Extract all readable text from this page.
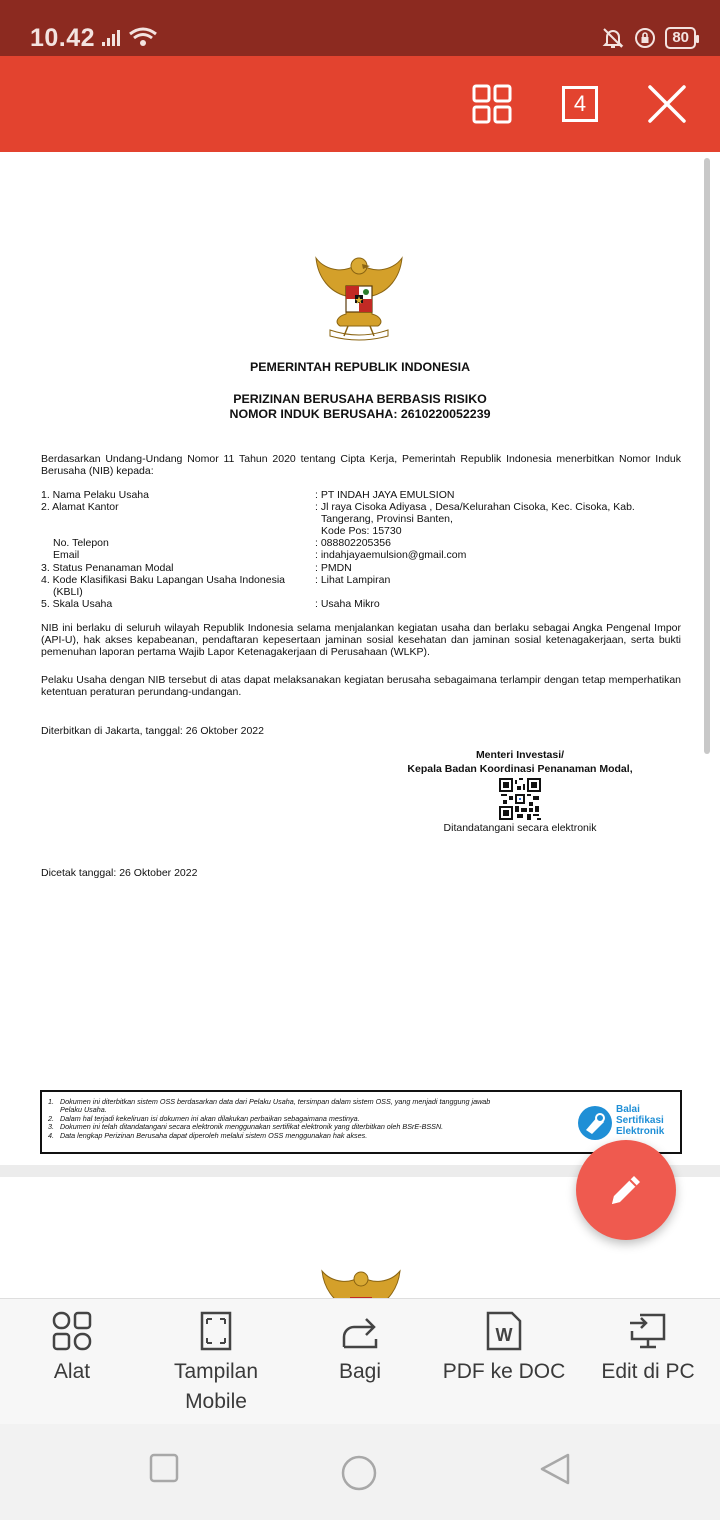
10.42	80
4
PEMERINTAH REPUBLIK INDONESIA
PERIZINAN BERUSAHA BERBASIS RISIKO
NOMOR INDUK BERUSAHA: 2610220052239
Berdasarkan Undang-Undang Nomor 11 Tahun 2020 tentang Cipta Kerja, Pemerintah Republik Indonesia menerbitkan Nomor Induk Berusaha (NIB) kepada:
1. Nama Pelaku Usaha	: PT INDAH JAYA EMULSION
2. Alamat Kantor	: Jl raya Cisoka Adiyasa , Desa/Kelurahan Cisoka, Kec. Cisoka, Kab.
Tangerang, Provinsi Banten,
Kode Pos: 15730
No. Telepon	: 088802205356
Email	: indahjayaemulsion@gmail.com
3. Status Penanaman Modal	: PMDN
4. Kode Klasifikasi Baku Lapangan Usaha Indonesia	: Lihat Lampiran
(KBLI)
5. Skala Usaha	: Usaha Mikro
NIB ini berlaku di seluruh wilayah Republik Indonesia selama menjalankan kegiatan usaha dan berlaku sebagai Angka Pengenal Impor (API-U), hak akses kepabeanan, pendaftaran kepesertaan jaminan sosial kesehatan dan jaminan sosial ketenagakerjaan, serta bukti pemenuhan laporan pertama Wajib Lapor Ketenagakerjaan di Perusahaan (WLKP).
Pelaku Usaha dengan NIB tersebut di atas dapat melaksanakan kegiatan berusaha sebagaimana terlampir dengan tetap memperhatikan ketentuan peraturan perundang-undangan.
Diterbitkan di Jakarta, tanggal: 26 Oktober 2022
Menteri Investasi/
Kepala Badan Koordinasi Penanaman Modal,
Ditandatangani secara elektronik
Dicetak tanggal: 26 Oktober 2022
1.   Dokumen ini diterbitkan sistem OSS berdasarkan data dari Pelaku Usaha, tersimpan dalam sistem OSS, yang menjadi tanggung jawab
Pelaku Usaha.
2.   Dalam hal terjadi kekeliruan isi dokumen ini akan dilakukan perbaikan sebagaimana mestinya.
3.   Dokumen ini telah ditandatangani secara elektronik menggunakan sertifikat elektronik yang diterbitkan oleh BSrE-BSSN.
4.   Data lengkap Perizinan Berusaha dapat diperoleh melalui sistem OSS menggunakan hak akses.
Balai
Sertifikasi
Elektronik
Alat	Tampilan Mobile
Bagi
W
PDF ke DOC	Edit di PC
